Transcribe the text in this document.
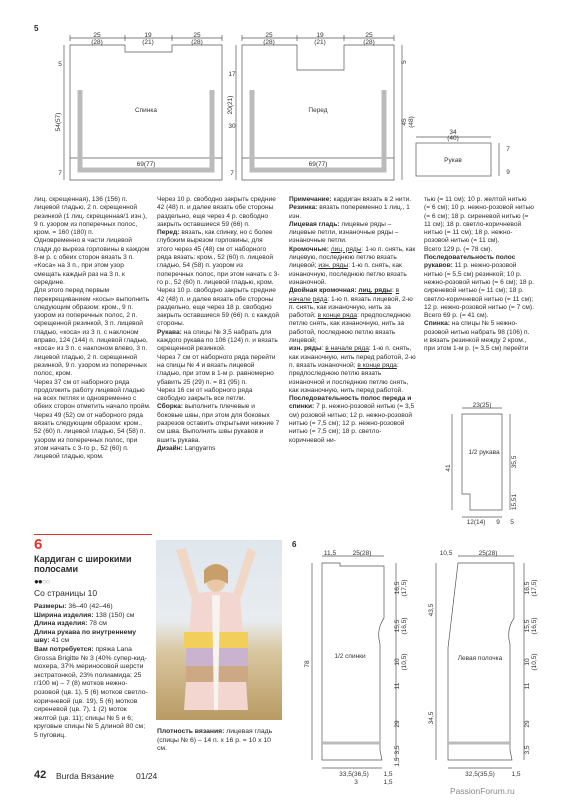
5
25
(28)
19
(21)
25
(28)
25
(28)
19
(21)
25
(28)
Спинка	Перед
69(77)	69(77)
34
(40)
Рукав
7
9
5
7
17
30
7
54(57)
20(21)
5
45 (48)

лиц. скрещенная), 136 (156) п. лицевой гладью, 2 п. скрещенной резинкой (1 лиц. скрещенная/1 изн.), 9 п. узором из поперечных полос, кром. = 160 (180) п.

Одновременно в части лицевой глади до выреза горловины в каждом 8-м р. с обеих сторон вязать 3 п. «Коса» на 3 п., при этом узор смещать каждый раз на 3 п. к середине.

Для этого перед первым перекрещиванием «косы» выполнить следующим образом: кром., 9 п. узором из поперечных полос, 2 п. скрещенной резинкой, 3 п. лицевой гладью, «коса» из 3 п. с наклоном вправо, 124 (144) п. лицевой гладью, «коса» из 3 п. с наклоном влево, 3 п. лицевой гладью, 2 п. скрещенной резинкой, 9 п. узором из поперечных полос, кром.

Через 37 см от наборного ряда продолжить работу лицевой гладью на всех петлях и одновременно с обеих сторон отметить начало пройм.

Через 49 (52) см от наборного ряда вязать следующим образом: кром., 52 (60) п. лицевой гладью, 54 (58) п. узором из поперечных полос, при этом начать с 3-го р., 52 (60) п. лицевой гладью, кром.

Через 10 р. свободно закрыть средние 42 (48) п. и далее вязать обе стороны раздельно, еще через 4 р. свободно закрыть оставшиеся 59 (66) п.

Перед: вязать, как спинку, но с более глубоким вырезом горловины, для этого через 45 (48) см от наборного ряда вязать: кром., 52 (60) п. лицевой гладью, 54 (58) п. узором из поперечных полос, при этом начать с 3-го р., 52 (60) п. лицевой гладью, кром. Через 10 р. свободно закрыть средние 42 (48) п. и далее вязать обе стороны раздельно, еще через 18 р. свободно закрыть оставшиеся 59 (66) п. с каждой стороны.

Рукава: на спицы № 3,5 набрать для каждого рукава по 106 (124) п. и вязать скрещенной резинкой.

Через 7 см от наборного ряда перейти на спицы № 4 и вязать лицевой гладью, при этом в 1-м р. равномерно убавить 25 (29) п. = 81 (95) п.

Через 16 см от наборного ряда свободно закрыть все петли.

Сборка: выполнить плечевые и боковые швы, при этом для боковых разрезов оставить открытыми нижние 7 см шва. Выполнить швы рукавов и вшить рукава.

Дизайн: Langyarns

Примечание: кардиган вязать в 2 нити.

Резинка: вязать попеременно 1 лиц., 1 изн.

Лицевая гладь: лицевые ряды – лицевые петли, изнаночные ряды – изнаночные петли.

Кромочные: лиц. ряды: 1-ю п. снять, как лицевую, последнюю петлю вязать лицевой; изн. ряды: 1-ю п. снять, как изнаночную, последнюю петлю вязать изнаночной.

Двойная кромочная: лиц. ряды: в начале ряда: 1-ю п. вязать лицевой, 2-ю п. снять, как изнаночную, нить за работой; в конце ряда: предпоследнюю петлю снять, как изнаночную, нить за работой, последнюю петлю вязать лицевой;

изн. ряды: в начале ряда: 1-ю п. снять, как изнаночную, нить перед работой, 2-ю п. вязать изнаночной; в конце ряда: предпоследнюю петлю вязать изнаночной и последнюю петлю снять, как изнаночную, нить перед работой.

Последовательность полос переда и спинки: 7 р. нежно-розовой нитью (= 3,5 см) розовой нитью; 12 р. нежно-розовой нитью (= 7,5 см); 12 р. нежно-розовой нитью (= 7,5 см); 18 р. светло-коричневой ни-

тью (= 11 см); 10 р. желтой нитью (= 6 см); 10 р. нежно-розовой нитью (= 6 см); 18 р. сиреневой нитью (= 11 см); 18 р. светло-коричневой нитью (= 11 см); 18 р. нежно-розовой нитью (= 11 см).

Всего 129 р. (= 78 см).

Последовательность полос рукавов: 11 р. нежно-розовой нитью (= 5,5 см) резинкой; 10 р. нежно-розовой нитью (= 6 см); 18 р. сиреневой нитью (= 11 см); 18 р. светло-коричневой нитью (= 11 см); 12 р. нежно-розовой нитью (= 7 см).

Всего 69 р. (= 41 см).

Спинка: на спицы № 5 нежно-розовой нитью набрать 98 (106) п. и вязать резинкой между 2 кром., при этом 1-м р. (= 3,5 см) перейти

23(25)
1/2 рукава
12(14) 9 5
41	35,5
15,51
6
Кардиган с широкими полосами
●●○○
Со страницы 10

Размеры: 36–40 (42–46)

Ширина изделия: 138 (150) см

Длина изделия: 78 см

Длина рукава по внутреннему шву: 41 см

Вам потребуется: пряжа Lana Grossa Brigitte № 3 (40% супер-кид-мохера, 37% мериносовой шерсти экстратонкой, 23% полиамида; 25 г/100 м) – 7 (8) мотков нежно-розовой (цв. 1), 5 (6) мотков светло-коричневой (цв. 19), 5 (6) мотков сиреневой (цв. 7), 1 (2) моток желтой (цв. 11); спицы № 5 и 6; круговые спицы № 5 длиной 80 см; 5 пуговиц.

Плотность вязания: лицевая гладь (спицы № 6) – 14 п. x 16 р. = 10 x 10 см.

6
11,5	25(28)
1/2 спинки
33,5(36,5) 1,5
3	1,5
78
16,5 (17,5)
15,5 (16,5)
10 (10,5)
11
29
3,5
1,5
10,5	25(28)
Левая полочка
32,5(35,5)	1,5
43,5
34,5
16,5 (17,5)
15,5 (16,5)
10 (10,5)
11
29
3,5
42 Burda Вязание	01/24
PassionForum.ru
